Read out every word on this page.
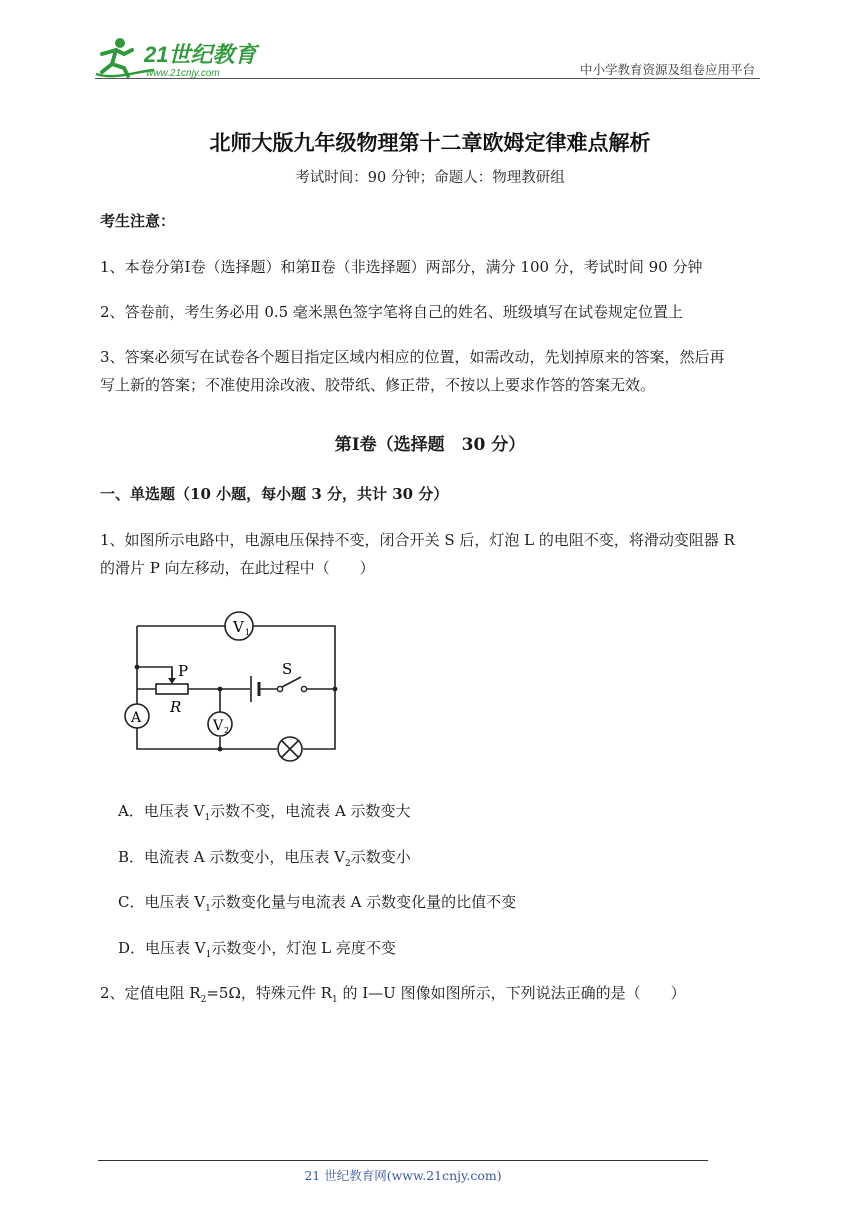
21世纪教育
www.21cnjy.com	中小学教育资源及组卷应用平台
北师大版九年级物理第十二章欧姆定律难点解析
考试时间：90 分钟；命题人：物理教研组
考生注意：
1、本卷分第Ⅰ卷（选择题）和第Ⅱ卷（非选择题）两部分，满分 100 分，考试时间 90 分钟
2、答卷前，考生务必用 0.5 毫米黑色签字笔将自己的姓名、班级填写在试卷规定位置上
3、答案必须写在试卷各个题目指定区域内相应的位置，如需改动，先划掉原来的答案，然后再
写上新的答案；不准使用涂改液、胶带纸、修正带，不按以上要求作答的答案无效。
第Ⅰ卷（选择题　30 分）
一、单选题（10 小题，每小题 3 分，共计 30 分）
1、如图所示电路中，电源电压保持不变，闭合开关 S 后，灯泡 L 的电阻不变，将滑动变阻器 R
的滑片 P 向左移动，在此过程中（　　）
V 1
A
P
R
S
V 2
A．电压表 $V_1$示数不变，电流表 A 示数变大
B．电流表 A 示数变小，电压表 $V_2$示数变小
C．电压表 $V_1$示数变化量与电流表 A 示数变化量的比值不变
D．电压表 $V_1$示数变小，灯泡 L 亮度不变
2、定值电阻 $R_2=5\Omega$，特殊元件 $R_1$ 的 I—U 图像如图所示，下列说法正确的是（　　）
21 世纪教育网(www.21cnjy.com)
